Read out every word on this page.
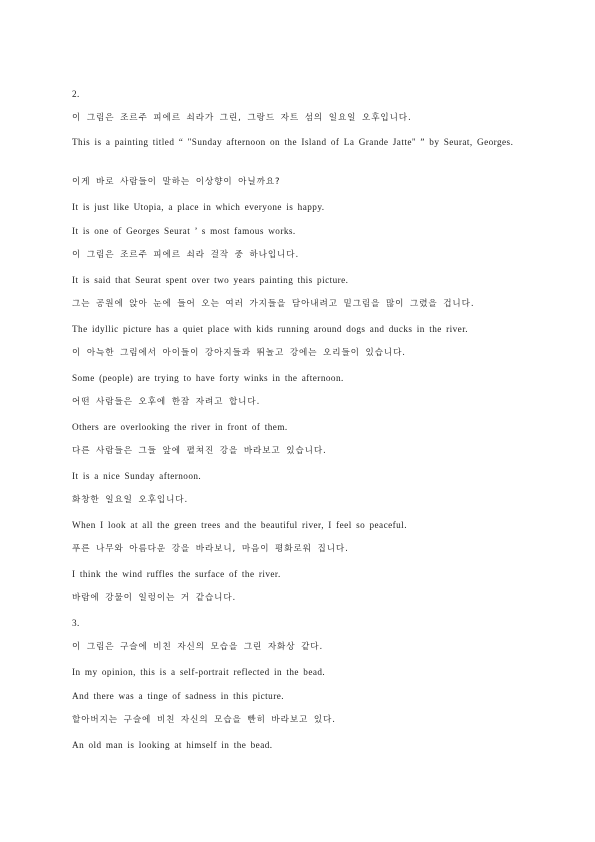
2.
이 그림은 조르주 피에르 쇠라가 그린, 그랑드 자트 섬의 일요일 오후입니다.
This is a painting titled “ "Sunday afternoon on the Island of La Grande Jatte" ” by Seurat, Georges.
이게 바로 사람들이 말하는 이상향이 아닐까요?
It is just like Utopia, a place in which everyone is happy.
It is one of Georges Seurat ’ s most famous works.
이 그림은 조르주 피에르 쇠라 걸작 중 하나입니다.
It is said that Seurat spent over two years painting this picture.
그는 공원에 앉아 눈에 들어 오는 여러 가지들을 담아내려고 밑그림을 많이 그렸을 겁니다.
The idyllic picture has a quiet place with kids running around dogs and ducks in the river.
이 아늑한 그림에서 아이들이 강아지들과 뛰놀고 강에는 오리들이 있습니다.
Some (people) are trying to have forty winks in the afternoon.
어떤 사람들은 오후에 한잠 자려고 합니다.
Others are overlooking the river in front of them.
다른 사람들은 그들 앞에 펼쳐진 강을 바라보고 있습니다.
It is a nice Sunday afternoon.
화창한 일요일 오후입니다.
When I look at all the green trees and the beautiful river, I feel so peaceful.
푸른 나무와 아름다운 강을 바라보니, 마음이 평화로워 집니다.
I think the wind ruffles the surface of the river.
바람에 강물이 일렁이는 거 같습니다.
3.
이 그림은 구슬에 비친 자신의 모습을 그린 자화상 같다.
In my opinion, this is a self-portrait reflected in the bead.
And there was a tinge of sadness in this picture.
할아버지는 구슬에 비친 자신의 모습을 빤히 바라보고 있다.
An old man is looking at himself in the bead.
